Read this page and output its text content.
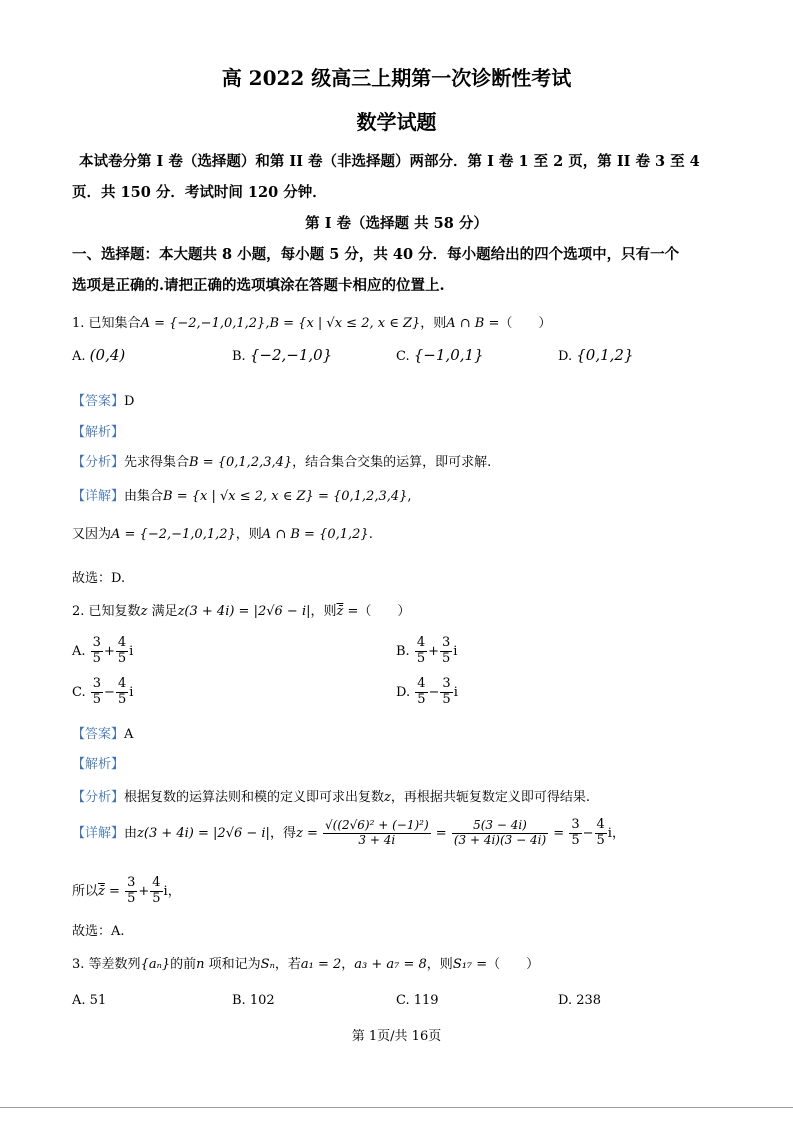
高 2022 级高三上期第一次诊断性考试
数学试题
本试卷分第 I 卷（选择题）和第 II 卷（非选择题）两部分．第 I 卷 1 至 2 页，第 II 卷 3 至 4
页．共 150 分．考试时间 120 分钟．
第 I 卷（选择题 共 58 分）
一、选择题：本大题共 8 小题，每小题 5 分，共 40 分．每小题给出的四个选项中，只有一个
选项是正确的.请把正确的选项填涂在答题卡相应的位置上.
1. 已知集合A = {−2,−1,0,1,2},B = {x | √x ≤ 2, x ∈ Z}，则A ∩ B =（　　）
A. (0,4)	B. {−2,−1,0}	C. {−1,0,1}	D. {0,1,2}
【答案】D
【解析】
【分析】先求得集合B = {0,1,2,3,4}，结合集合交集的运算，即可求解.
【详解】由集合B = {x | √x ≤ 2, x ∈ Z} = {0,1,2,3,4},
又因为A = {−2,−1,0,1,2}，则A ∩ B = {0,1,2}.
故选：D.
2. 已知复数z 满足z(3 + 4i) = |2√6 − i|，则z̄ =（　　）
A. $\frac{3}{5} + \frac{4}{5}$ i	B. $\frac{4}{5} + \frac{3}{5}$ i
C. $\frac{3}{5} - \frac{4}{5}$ i	D. $\frac{4}{5} - \frac{3}{5}$ i
【答案】A
【解析】
【分析】根据复数的运算法则和模的定义即可求出复数z，再根据共轭复数定义即可得结果.
【详解】由z(3 + 4i) = |2√6 − i|，得$z = \frac{\text{√((2√6)² + (−1)²)}}{3 + 4i} = \frac{5(3 - 4i)}{(3 + 4i)(3 - 4i)} = \frac{3}{5} - \frac{4}{5}$ i，
所以z̄ = $\frac{3}{5} + \frac{4}{5}$ i，
故选：A.
3. 等差数列{aₙ}的前n 项和记为Sₙ，若a₁ = 2，a₃ + a₇ = 8，则S₁₇ =（　　）
A. 51	B. 102	C. 119	D. 238
第 1页/共 16页
